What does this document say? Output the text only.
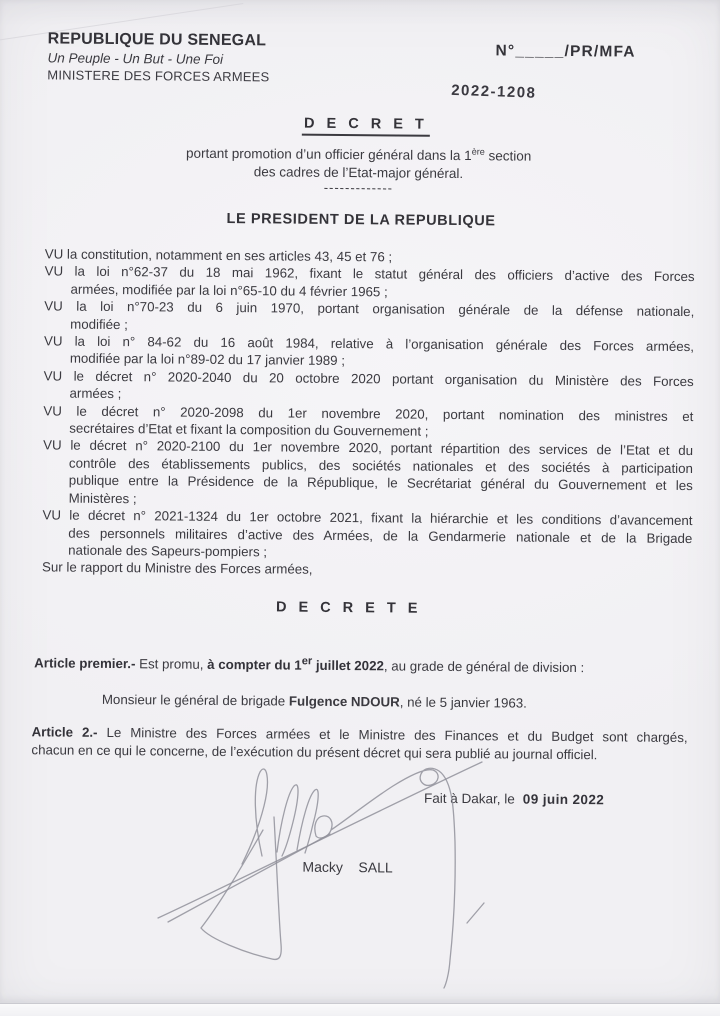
REPUBLIQUE DU SENEGAL
Un Peuple - Un But - Une Foi
MINISTERE DES FORCES ARMEES
N°_____/PR/MFA
2022-1208
D E C R E T
portant promotion d’un officier général dans la 1ère section
des cadres de l’Etat-major général.
-------------
LE PRESIDENT DE LA REPUBLIQUE

VU la constitution, notamment en ses articles 43, 45 et 76 ;

VU la loi n°62-37 du 18 mai 1962, fixant le statut général des officiers d’active des Forces
armées, modifiée par la loi n°65-10 du 4 février 1965 ;

VU la loi n°70-23 du 6 juin 1970, portant organisation générale de la défense nationale,
modifiée ;

VU la loi n° 84-62 du 16 août 1984, relative à l’organisation générale des Forces armées,
modifiée par la loi n°89-02 du 17 janvier 1989 ;

VU le décret n° 2020-2040 du 20 octobre 2020 portant organisation du Ministère des Forces
armées ;

VU le décret n° 2020-2098 du 1er novembre 2020, portant nomination des ministres et
secrétaires d’Etat et fixant la composition du Gouvernement ;

VU le décret n° 2020-2100 du 1er novembre 2020, portant répartition des services de l’Etat et du
contrôle des établissements publics, des sociétés nationales et des sociétés à participation
publique entre la Présidence de la République, le Secrétariat général du Gouvernement et les
Ministères ;

VU le décret n° 2021-1324 du 1er octobre 2021, fixant la hiérarchie et les conditions d’avancement
des personnels militaires d’active des Armées, de la Gendarmerie nationale et de la Brigade
nationale des Sapeurs-pompiers ;

Sur le rapport du Ministre des Forces armées,

D E C R E T E

Article premier.- Est promu, à compter du 1er juillet 2022, au grade de général de division :

Monsieur le général de brigade Fulgence NDOUR, né le 5 janvier 1963.

Article 2.- Le Ministre des Forces armées et le Ministre des Finances et du Budget sont chargés,
chacun en ce qui le concerne, de l’exécution du présent décret qui sera publié au journal officiel.

Fait à Dakar, le 09 juin 2022
Macky    SALL
